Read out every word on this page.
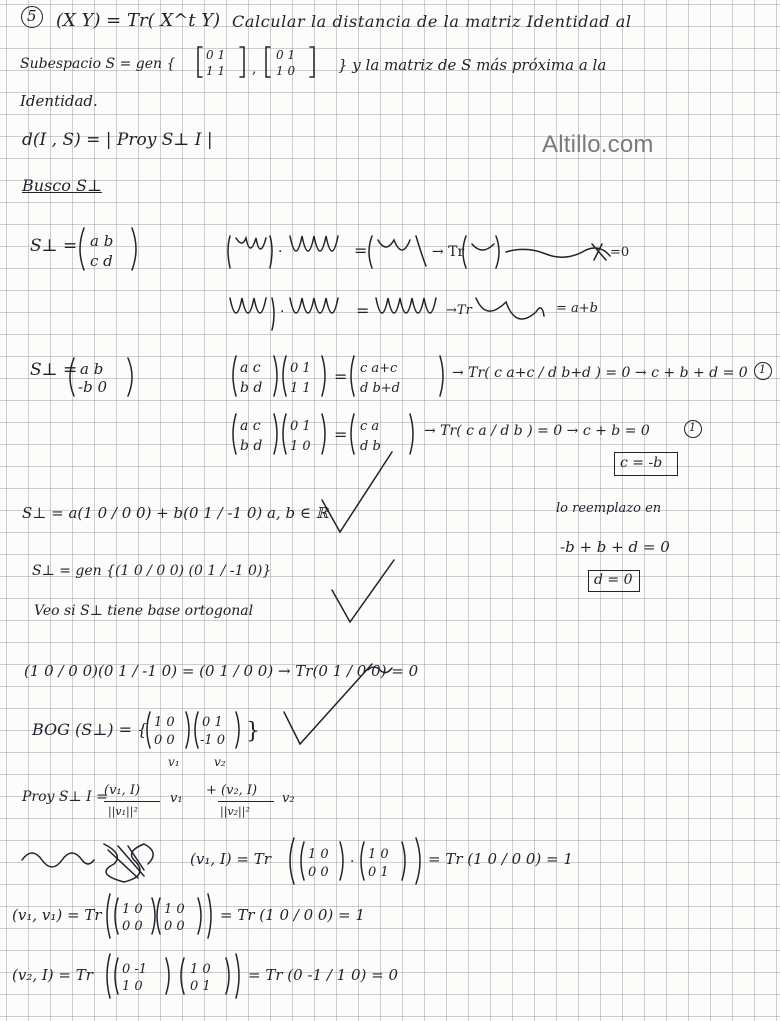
Altillo.com
5 (X Y) = Tr( X^t Y) Calcular la distancia de la matriz Identidad al
Subespacio S = gen {
0 1
1 1 ,
0 1
1 0	} y la matriz de S más próxima a la
Identidad.
d(I , S) = | Proy S⊥ I |
Busco S⊥
S⊥ = a b
c d	·	=	→ Tr	=0
·	=	→Tr	= a+b
S⊥ = a b
-b 0
a c
b d
0 1
1 1
= c a+c
d b+d
→ Tr( c a+c / d b+d ) = 0 → c + b + d = 0 1
a c
b d
0 1
1 0
= c a
d b
→ Tr( c a / d b ) = 0 → c + b = 0	1
c = -b
lo reemplazo en
-b + b + d = 0
d = 0
S⊥ = a(1 0 / 0 0) + b(0 1 / -1 0) a, b ∈ ℝ
S⊥ = gen {(1 0 / 0 0) (0 1 / -1 0)}
Veo si S⊥ tiene base ortogonal
(1 0 / 0 0)(0 1 / -1 0) = (0 1 / 0 0) → Tr(0 1 / 0 0) = 0
BOG (S⊥) = { 1 0
0 0
0 1
-1 0 }
v₁	v₂
Proy S⊥ I =
(v₁, I)
||v₁||²
v₁
+ (v₂, I)
||v₂||²
v₂
(v₁, I) = Tr	1 0
0 0
· 1 0
0 1
= Tr (1 0 / 0 0) = 1
(v₁, v₁) = Tr 1 0
0 0
1 0
0 0
= Tr (1 0 / 0 0) = 1
(v₂, I) = Tr 0 -1
1 0
1 0
0 1
= Tr (0 -1 / 1 0) = 0
